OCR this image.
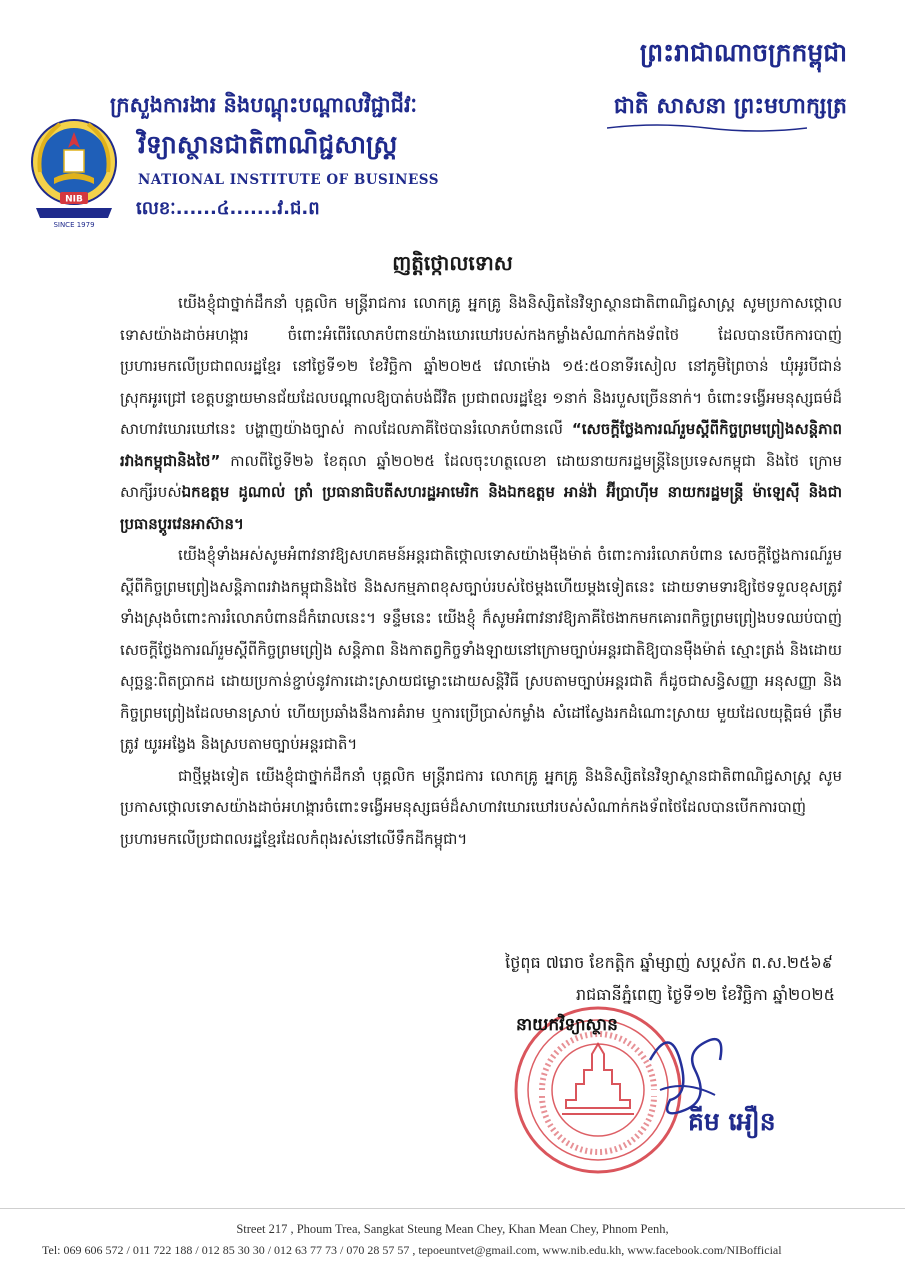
ព្រះរាជាណាចក្រកម្ពុជា
ជាតិ សាសនា ព្រះមហាក្សត្រ
ក្រសួងការងារ និងបណ្តុះបណ្តាលវិជ្ជាជីវៈ
NIB
SINCE 1979
វិទ្យាស្ថានជាតិពាណិជ្ជសាស្ត្រ
NATIONAL INSTITUTE OF BUSINESS
លេខៈ......៤.......វ.ជ.ព
ញត្តិថ្កោលទោស

យើងខ្ញុំជាថ្នាក់ដឹកនាំ បុគ្គលិក មន្ត្រីរាជការ លោកគ្រូ អ្នកគ្រូ និងនិស្សិតនៃវិទ្យាស្ថានជាតិពាណិជ្ជសាស្ត្រ សូមប្រកាសថ្កោលទោសយ៉ាងដាច់អហង្ការ ចំពោះអំពើរំលោភបំពានយ៉ាងឃោរឃៅរបស់កងកម្លាំងសំណាក់កងទ័ពថៃ ដែលបានបើកការបាញ់ប្រហារមកលើប្រជាពលរដ្ឋខ្មែរ នៅថ្ងៃទី១២ ខែវិច្ឆិកា ឆ្នាំ២០២៥ វេលាម៉ោង ១៥:៥០នាទីរសៀល នៅភូមិព្រៃចាន់ ឃុំអូរបីជាន់ ស្រុកអូរជ្រៅ ខេត្តបន្ទាយមានជ័យដែលបណ្តាលឱ្យបាត់បង់ជីវិត ប្រជាពលរដ្ឋខ្មែរ ១នាក់ និងរបួសច្រើននាក់។ ចំពោះទង្វើអមនុស្សធម៌ដ៏សាហាវឃោរឃៅនេះ បង្ហាញយ៉ាងច្បាស់ កាលដែលភាគីថៃបានរំលោភបំពានលើ “សេចក្តីថ្លែងការណ៍រួមស្តីពីកិច្ចព្រមព្រៀងសន្តិភាពរវាងកម្ពុជានិងថៃ” កាលពីថ្ងៃទី២៦ ខែតុលា ឆ្នាំ២០២៥ ដែលចុះហត្ថលេខា ដោយនាយករដ្ឋមន្ត្រីនៃប្រទេសកម្ពុជា និងថៃ ក្រោម សាក្សីរបស់ឯកឧត្តម ដូណាល់ ត្រាំ ប្រធានាធិបតីសហរដ្ឋអាមេរិក និងឯកឧត្តម អាន់វ៉ា អ៊ីប្រាហ៊ីម នាយករដ្ឋមន្ត្រី ម៉ាឡេស៊ី និងជាប្រធានប្តូរវេនអាស៊ាន។

យើងខ្ញុំទាំងអស់សូមអំពាវនាវឱ្យសហគមន៍អន្តរជាតិថ្កោលទោសយ៉ាងម៉ឺងម៉ាត់ ចំពោះការរំលោភបំពាន សេចក្តីថ្លែងការណ៍រួមស្តីពីកិច្ចព្រមព្រៀងសន្តិភាពរវាងកម្ពុជានិងថៃ និងសកម្មភាពខុសច្បាប់របស់ថៃម្តងហើយម្តងទៀតនេះ ដោយទាមទារឱ្យថៃទទួលខុសត្រូវទាំងស្រុងចំពោះការរំលោភបំពានដ៏កំរោលនេះ។ ទន្ទឹមនេះ យើងខ្ញុំ ក៏សូមអំពាវនាវឱ្យភាគីថៃងាកមកគោរពកិច្ចព្រមព្រៀងបទឈប់បាញ់ សេចក្តីថ្លែងការណ៍រួមស្តីពីកិច្ចព្រមព្រៀង សន្តិភាព និងកាតព្វកិច្ចទាំងឡាយនៅក្រោមច្បាប់អន្តរជាតិឱ្យបានម៉ឺងម៉ាត់ ស្មោះត្រង់ និងដោយសុច្ឆន្ទៈពិតប្រាកដ ដោយប្រកាន់ខ្ជាប់នូវការដោះស្រាយជម្លោះដោយសន្តិវិធី ស្របតាមច្បាប់អន្តរជាតិ ក៏ដូចជាសន្ធិសញ្ញា អនុសញ្ញា និងកិច្ចព្រមព្រៀងដែលមានស្រាប់ ហើយប្រឆាំងនឹងការគំរាម ឬការប្រើប្រាស់កម្លាំង សំដៅស្វែងរកដំណោះស្រាយ មួយដែលយុត្តិធម៌ ត្រឹមត្រូវ យូរអង្វែង និងស្របតាមច្បាប់អន្តរជាតិ។

ជាថ្មីម្តងទៀត យើងខ្ញុំជាថ្នាក់ដឹកនាំ បុគ្គលិក មន្ត្រីរាជការ លោកគ្រូ អ្នកគ្រូ និងនិស្សិតនៃវិទ្យាស្ថានជាតិពាណិជ្ជសាស្ត្រ សូមប្រកាសថ្កោលទោសយ៉ាងដាច់អហង្ការចំពោះទង្វើអមនុស្សធម៌ដ៏សាហាវឃោរឃៅរបស់សំណាក់កងទ័ពថៃដែលបានបើកការបាញ់ប្រហារមកលើប្រជាពលរដ្ឋខ្មែរដែលកំពុងរស់នៅលើទឹកដីកម្ពុជា។

ថ្ងៃពុធ ៧រោច ខែកត្តិក ឆ្នាំម្សាញ់ សប្តស័ក ព.ស.២៥៦៩
រាជធានីភ្នំពេញ ថ្ងៃទី១២ ខែវិច្ឆិកា ឆ្នាំ២០២៥
នាយកវិទ្យាស្ថាន
គីម អឿន
Street 217 , Phoum Trea, Sangkat Steung Mean Chey, Khan Mean Chey, Phnom Penh,
Tel: 069 606 572 / 011 722 188 / 012 85 30 30 / 012 63 77 73 / 070 28 57 57 , tepoeuntvet@gmail.com, www.nib.edu.kh, www.facebook.com/NIBofficial
